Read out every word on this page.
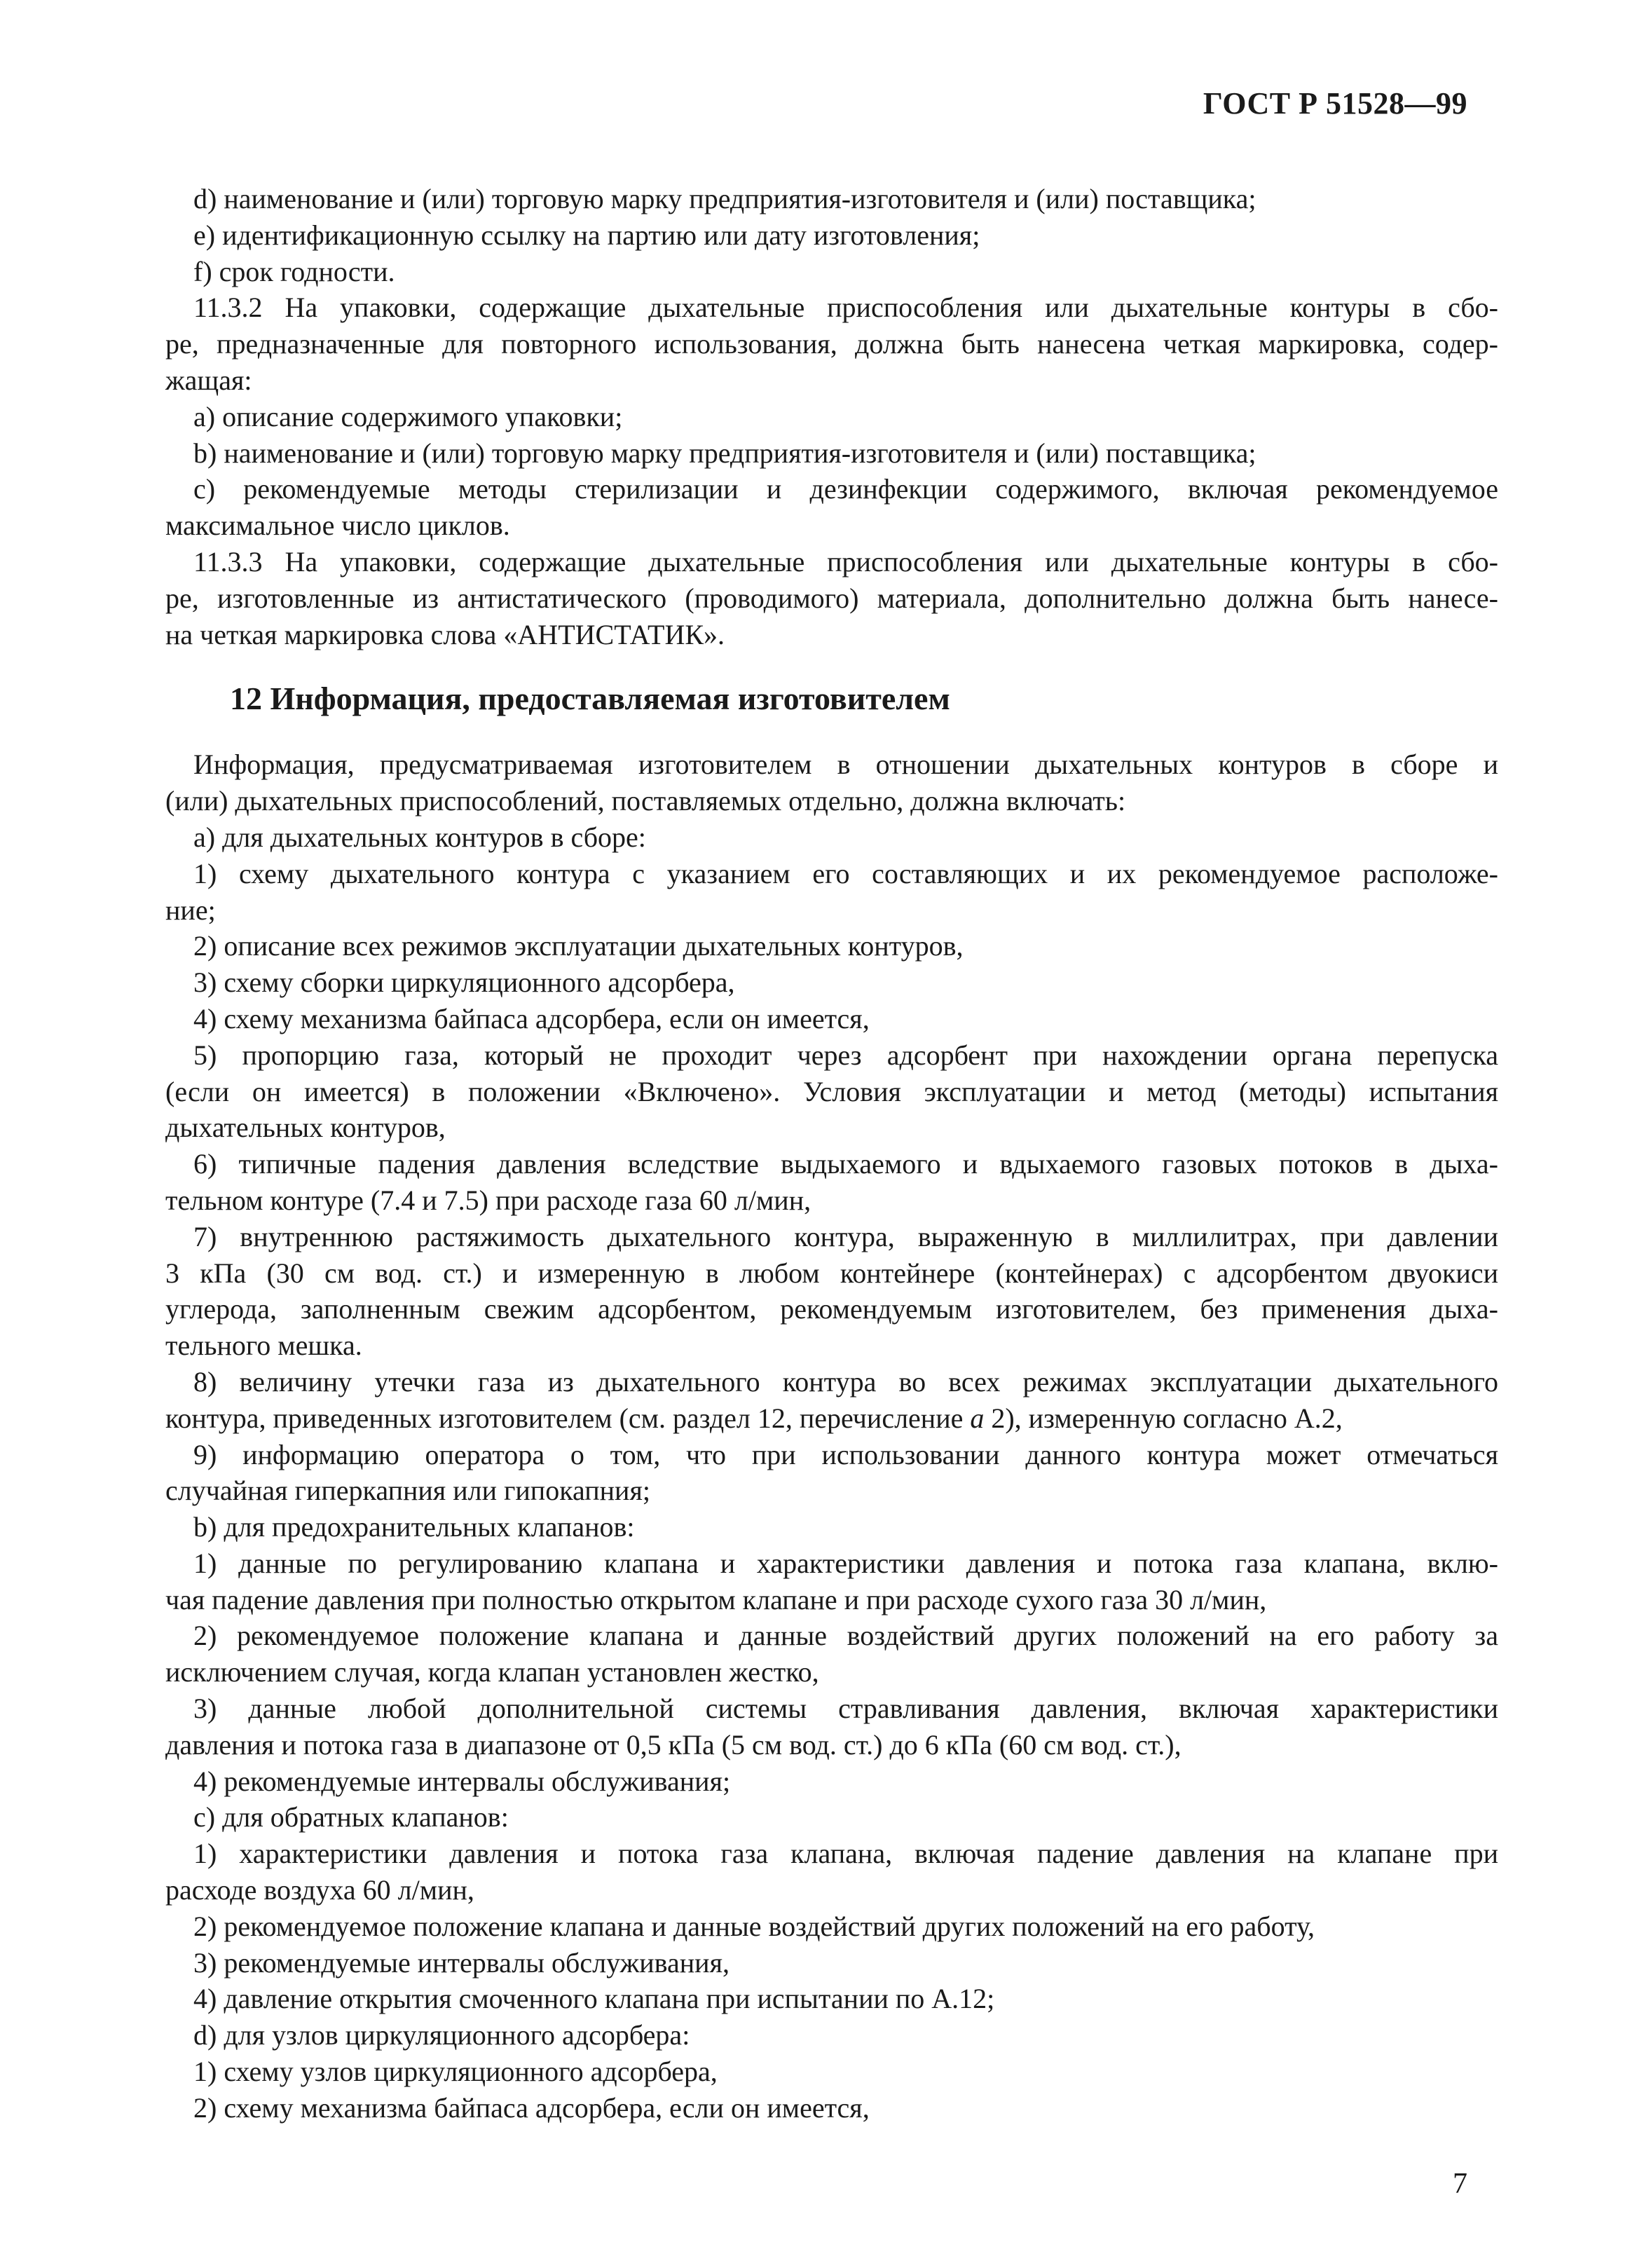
ГОСТ Р 51528—99

d) наименование и (или) торговую марку предприятия-изготовителя и (или) поставщика;

e) идентификационную ссылку на партию или дату изготовления;

f) срок годности.

11.3.2 На упаковки, содержащие дыхательные приспособления или дыхательные контуры в сбо-

ре, предназначенные для повторного использования, должна быть нанесена четкая маркировка, содер-

жащая:

a) описание содержимого упаковки;

b) наименование и (или) торговую марку предприятия-изготовителя и (или) поставщика;

c) рекомендуемые методы стерилизации и дезинфекции содержимого, включая рекомендуемое

максимальное число циклов.

11.3.3 На упаковки, содержащие дыхательные приспособления или дыхательные контуры в сбо-

ре, изготовленные из антистатического (проводимого) материала, дополнительно должна быть нанесе-

на четкая маркировка слова «АНТИСТАТИК».

12 Информация, предоставляемая изготовителем

Информация, предусматриваемая изготовителем в отношении дыхательных контуров в сборе и

(или) дыхательных приспособлений, поставляемых отдельно, должна включать:

a) для дыхательных контуров в сборе:

1) схему дыхательного контура с указанием его составляющих и их рекомендуемое расположе-

ние;

2) описание всех режимов эксплуатации дыхательных контуров,

3) схему сборки циркуляционного адсорбера,

4) схему механизма байпаса адсорбера, если он имеется,

5) пропорцию газа, который не проходит через адсорбент при нахождении органа перепуска

(если он имеется) в положении «Включено». Условия эксплуатации и метод (методы) испытания

дыхательных контуров,

6) типичные падения давления вследствие выдыхаемого и вдыхаемого газовых потоков в дыха-

тельном контуре (7.4 и 7.5) при расходе газа 60 л/мин,

7) внутреннюю растяжимость дыхательного контура, выраженную в миллилитрах, при давлении

3 кПа (30 см вод. ст.) и измеренную в любом контейнере (контейнерах) с адсорбентом двуокиси

углерода, заполненным свежим адсорбентом, рекомендуемым изготовителем, без применения дыха-

тельного мешка.

8) величину утечки газа из дыхательного контура во всех режимах эксплуатации дыхательного

контура, приведенных изготовителем (см. раздел 12, перечисление a 2), измеренную согласно А.2,

9) информацию оператора о том, что при использовании данного контура может отмечаться

случайная гиперкапния или гипокапния;

b) для предохранительных клапанов:

1) данные по регулированию клапана и характеристики давления и потока газа клапана, вклю-

чая падение давления при полностью открытом клапане и при расходе сухого газа 30 л/мин,

2) рекомендуемое положение клапана и данные воздействий других положений на его работу за

исключением случая, когда клапан установлен жестко,

3) данные любой дополнительной системы стравливания давления, включая характеристики

давления и потока газа в диапазоне от 0,5 кПа (5 см вод. ст.) до 6 кПа (60 см вод. ст.),

4) рекомендуемые интервалы обслуживания;

c) для обратных клапанов:

1) характеристики давления и потока газа клапана, включая падение давления на клапане при

расходе воздуха 60 л/мин,

2) рекомендуемое положение клапана и данные воздействий других положений на его работу,

3) рекомендуемые интервалы обслуживания,

4) давление открытия смоченного клапана при испытании по А.12;

d) для узлов циркуляционного адсорбера:

1) схему узлов циркуляционного адсорбера,

2) схему механизма байпаса адсорбера, если он имеется,

7
